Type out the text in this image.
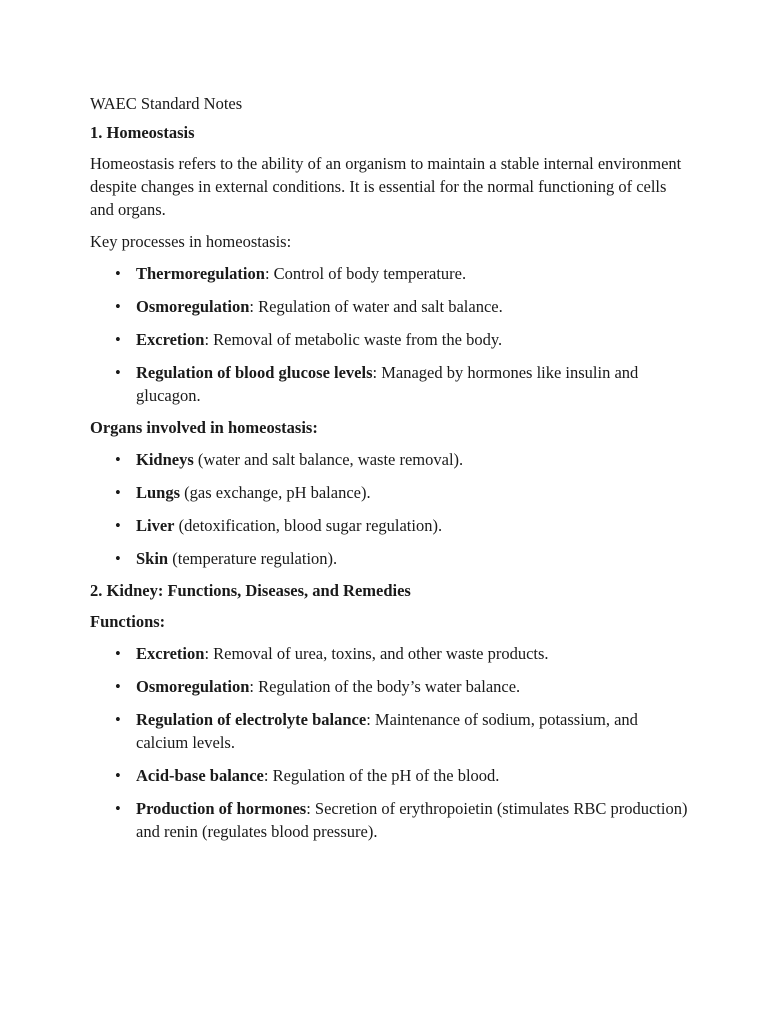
WAEC Standard Notes
1. Homeostasis
Homeostasis refers to the ability of an organism to maintain a stable internal environment despite changes in external conditions. It is essential for the normal functioning of cells and organs.
Key processes in homeostasis:
• Thermoregulation: Control of body temperature.
• Osmoregulation: Regulation of water and salt balance.
• Excretion: Removal of metabolic waste from the body.
• Regulation of blood glucose levels: Managed by hormones like insulin and glucagon.
Organs involved in homeostasis:
• Kidneys (water and salt balance, waste removal).
• Lungs (gas exchange, pH balance).
• Liver (detoxification, blood sugar regulation).
• Skin (temperature regulation).
2. Kidney: Functions, Diseases, and Remedies
Functions:
• Excretion: Removal of urea, toxins, and other waste products.
• Osmoregulation: Regulation of the body’s water balance.
• Regulation of electrolyte balance: Maintenance of sodium, potassium, and calcium levels.
• Acid-base balance: Regulation of the pH of the blood.
• Production of hormones: Secretion of erythropoietin (stimulates RBC production) and renin (regulates blood pressure).
